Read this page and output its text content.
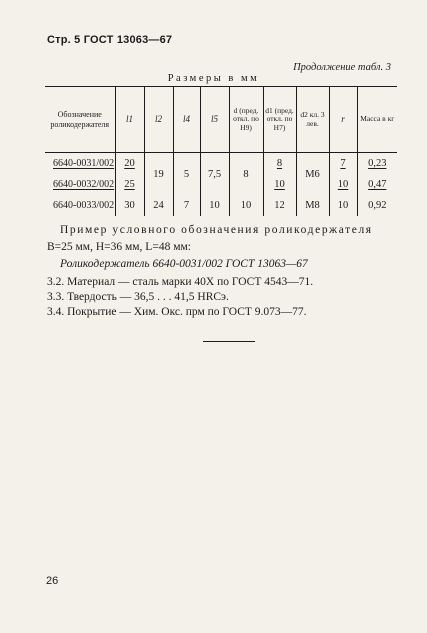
Стр. 5 ГОСТ 13063—67
Продолжение табл. 3
Размеры в мм
Обозначение роликодержателя	l1	l2	l4	l5	d (пред. откл. по H9)	d1 (пред. откл. по H7)	d2 кл. 3 лев.	r	Масса в кг
6640-0031/002	20	19	5	7,5	8	8	М6	7	0,23
6640-0032/002	25					10		10	0,47
6640-0033/002	30	24	7	10	10	12	М8	10	0,92
Пример условного обозначения роликодержателя
В=25 мм, Н=36 мм, L=48 мм:
Роликодержатель 6640-0031/002 ГОСТ 13063—67
3.2. Материал — сталь марки 40Х по ГОСТ 4543—71.
3.3. Твердость — 36,5 . . . 41,5 HRCэ.
3.4. Покрытие — Хим. Окс. прм по ГОСТ 9.073—77.
26
